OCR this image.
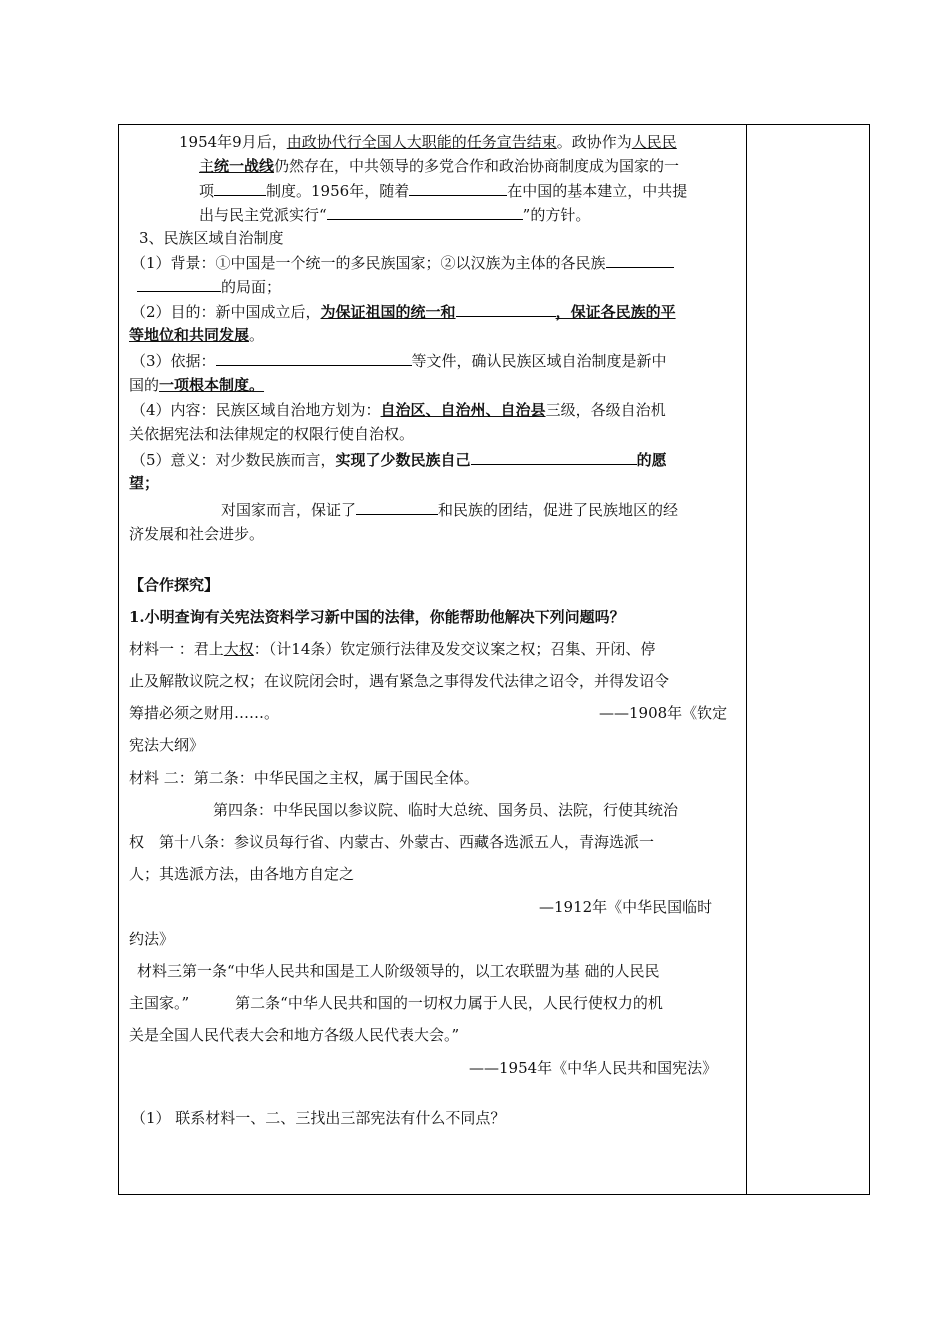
1954年9月后，由政协代行全国人大职能的任务宣告结束。政协作为人民民
主统一战线仍然存在，中共领导的多党合作和政治协商制度成为国家的一
项	制度。1956年，随着	在中国的基本建立，中共提
出与民主党派实行“	”的方针。
3、民族区域自治制度
（1）背景：①中国是一个统一的多民族国家；②以汉族为主体的各民族
的局面；
（2）目的：新中国成立后，为保证祖国的统一和	，保证各民族的平
等地位和共同发展。
（3）依据：	等文件，确认民族区域自治制度是新中
国的一项根本制度。
（4）内容：民族区域自治地方划为：自治区、自治州、自治县三级，各级自治机
关依据宪法和法律规定的权限行使自治权。
（5）意义：对少数民族而言，实现了少数民族自己	的愿
望；
对国家而言，保证了	和民族的团结，促进了民族地区的经
济发展和社会进步。
【合作探究】
1.小明查询有关宪法资料学习新中国的法律，你能帮助他解决下列问题吗？
材料一 ：君上大权：（计14条）钦定颁行法律及发交议案之权；召集、开闭、停
止及解散议院之权；在议院闭会时，遇有紧急之事得发代法律之诏令，并得发诏令
筹措必须之财用……。	——1908年《钦定
宪法大纲》
材料 二：第二条：中华民国之主权，属于国民全体。
第四条：中华民国以参议院、临时大总统、国务员、法院，行使其统治
权　第十八条：参议员每行省、内蒙古、外蒙古、西藏各选派五人，青海选派一
人；其选派方法，由各地方自定之
—1912年《中华民国临时
约法》
材料三第一条“中华人民共和国是工人阶级领导的，以工农联盟为基 础的人民民
主国家。”	第二条“中华人民共和国的一切权力属于人民，人民行使权力的机
关是全国人民代表大会和地方各级人民代表大会。”
——1954年《中华人民共和国宪法》
（1） 联系材料一、二、三找出三部宪法有什么不同点？
